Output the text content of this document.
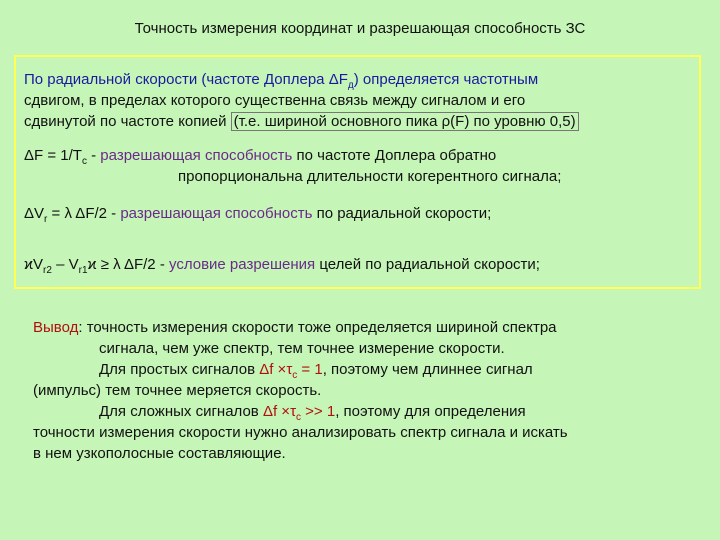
Точность измерения координат и разрешающая способность ЗС
По радиальной скорости (частоте Доплера $\Delta F_д$) определяется частотным
сдвигом, в пределах которого существенна связь между сигналом и его
сдвинутой по частоте копией (т.е. шириной основного пика ρ(F) по уровню 0,5)
$\Delta F = 1/T_c$ - разрешающая способность по частоте Доплера обратно
пропорциональна длительности когерентного сигнала;
$\Delta V_r = \lambda$ ΔF/2 - разрешающая способность по радиальной скорости;
$ϰV_{r2} - V_{r1}ϰ \ge \lambda$ ΔF/2 - условие разрешения целей по радиальной скорости;
Вывод: точность измерения скорости тоже определяется шириной спектра
сигнала, чем уже спектр, тем точнее измерение скорости.
Для простых сигналов $\Delta f \times\tau_c = 1$, поэтому чем длиннее сигнал
(импульс) тем точнее меряется скорость.
Для сложных сигналов $\Delta f \times\tau_c >> 1$, поэтому для определения
точности измерения скорости нужно анализировать спектр сигнала и искать
в нем узкополосные составляющие.
